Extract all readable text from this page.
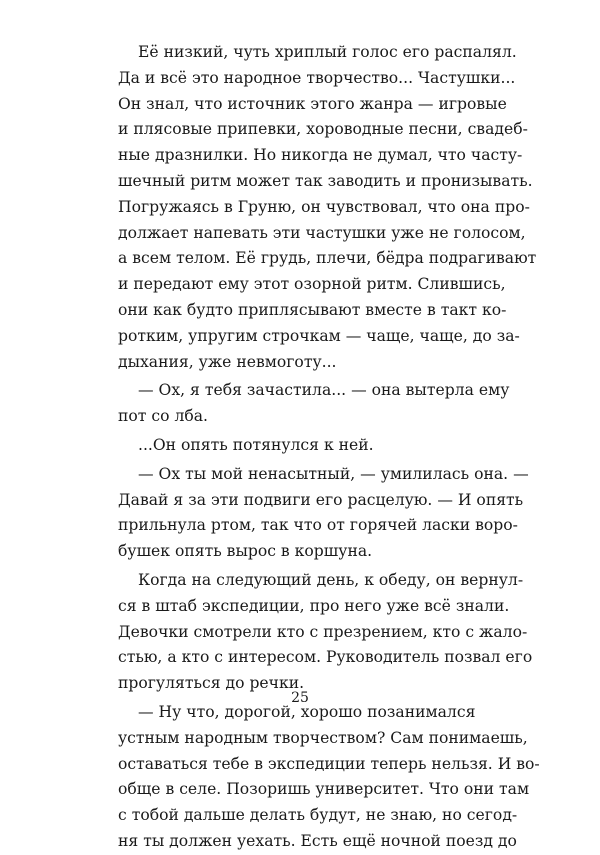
Её низкий, чуть хриплый голос его распалял.
Да и всё это народное творчество... Частушки...
Он знал, что источник этого жанра — игровые
и плясовые припевки, хороводные песни, свадеб-
ные дразнилки. Но никогда не думал, что часту-
шечный ритм может так заводить и пронизывать.
Погружаясь в Груню, он чувствовал, что она про-
должает напевать эти частушки уже не голосом,
а всем телом. Её грудь, плечи, бёдра подрагивают
и передают ему этот озорной ритм. Слившись,
они как будто приплясывают вместе в такт ко-
ротким, упругим строчкам — чаще, чаще, до за-
дыхания, уже невмоготу...
— Ох, я тебя зачастила... — она вытерла ему
пот со лба.
...Он опять потянулся к ней.
— Ох ты мой ненасытный, — умилилась она. —
Давай я за эти подвиги его расцелую. — И опять
прильнула ртом, так что от горячей ласки воро-
бушек опять вырос в коршуна.
Когда на следующий день, к обеду, он вернул-
ся в штаб экспедиции, про него уже всё знали.
Девочки смотрели кто с презрением, кто с жало-
стью, а кто с интересом. Руководитель позвал его
прогуляться до речки.
— Ну что, дорогой, хорошо позанимался
устным народным творчеством? Сам понимаешь,
оставаться тебе в экспедиции теперь нельзя. И во-
обще в селе. Позоришь университет. Что они там
с тобой дальше делать будут, не знаю, но сегод-
ня ты должен уехать. Есть ещё ночной поезд до
25
